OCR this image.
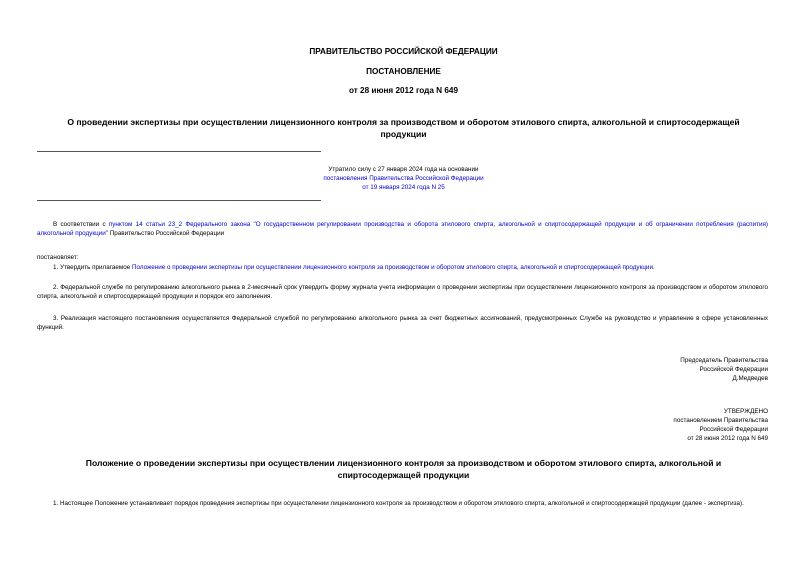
ПРАВИТЕЛЬСТВО РОССИЙСКОЙ ФЕДЕРАЦИИ
ПОСТАНОВЛЕНИЕ
от 28 июня 2012 года N 649
О проведении экспертизы при осуществлении лицензионного контроля за производством и оборотом этилового спирта, алкогольной и спиртосодержащей продукции
Утратило силу с 27 января 2024 года на основании
постановления Правительства Российской Федерации
от 19 января 2024 года N 25

В соответствии с пунктом 14 статьи 23_2 Федерального закона "О государственном регулировании производства и оборота этилового спирта, алкогольной и спиртосодержащей продукции и об ограничении потребления (распития) алкогольной продукции" Правительство Российской Федерации

постановляет:

1. Утвердить прилагаемое Положение о проведении экспертизы при осуществлении лицензионного контроля за производством и оборотом этилового спирта, алкогольной и спиртосодержащей продукции.

2. Федеральной службе по регулированию алкогольного рынка в 2-месячный срок утвердить форму журнала учета информации о проведении экспертизы при осуществлении лицензионного контроля за производством и оборотом этилового спирта, алкогольной и спиртосодержащей продукции и порядок его заполнения.

3. Реализация настоящего постановления осуществляется Федеральной службой по регулированию алкогольного рынка за счет бюджетных ассигнований, предусмотренных Службе на руководство и управление в сфере установленных функций.

Председатель Правительства
Российской Федерации
Д.Медведев
УТВЕРЖДЕНО
постановлением Правительства
Российской Федерации
от 28 июня 2012 года N 649
Положение о проведении экспертизы при осуществлении лицензионного контроля за производством и оборотом этилового спирта, алкогольной и спиртосодержащей продукции

1. Настоящее Положение устанавливает порядок проведения экспертизы при осуществлении лицензионного контроля за производством и оборотом этилового спирта, алкогольной и спиртосодержащей продукции (далее - экспертиза).
